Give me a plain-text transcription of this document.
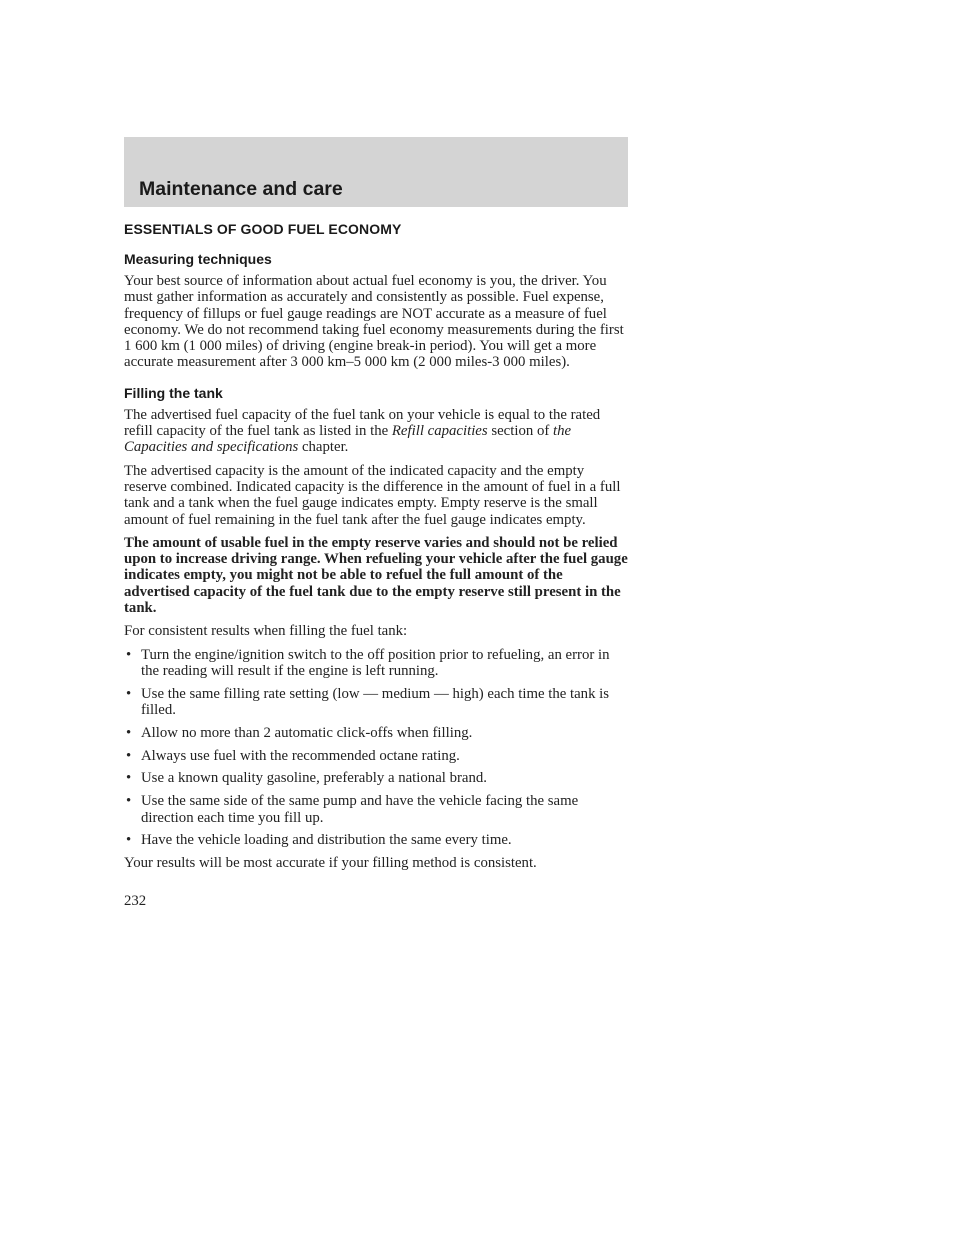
Maintenance and care
ESSENTIALS OF GOOD FUEL ECONOMY
Measuring techniques

Your best source of information about actual fuel economy is you, the driver. You must gather information as accurately and consistently as possible. Fuel expense, frequency of fillups or fuel gauge readings are NOT accurate as a measure of fuel economy. We do not recommend taking fuel economy measurements during the first 1 600 km (1 000 miles) of driving (engine break-in period). You will get a more accurate measurement after 3 000 km–5 000 km (2 000 miles-3 000 miles).

Filling the tank

The advertised fuel capacity of the fuel tank on your vehicle is equal to the rated refill capacity of the fuel tank as listed in the Refill capacities section of the Capacities and specifications chapter.

The advertised capacity is the amount of the indicated capacity and the empty reserve combined. Indicated capacity is the difference in the amount of fuel in a full tank and a tank when the fuel gauge indicates empty. Empty reserve is the small amount of fuel remaining in the fuel tank after the fuel gauge indicates empty.

The amount of usable fuel in the empty reserve varies and should not be relied upon to increase driving range. When refueling your vehicle after the fuel gauge indicates empty, you might not be able to refuel the full amount of the advertised capacity of the fuel tank due to the empty reserve still present in the tank.

For consistent results when filling the fuel tank:

• Turn the engine/ignition switch to the off position prior to refueling, an error in the reading will result if the engine is left running.
• Use the same filling rate setting (low — medium — high) each time the tank is filled.
• Allow no more than 2 automatic click-offs when filling.
• Always use fuel with the recommended octane rating.
• Use a known quality gasoline, preferably a national brand.
• Use the same side of the same pump and have the vehicle facing the same direction each time you fill up.
• Have the vehicle loading and distribution the same every time.

Your results will be most accurate if your filling method is consistent.

232
